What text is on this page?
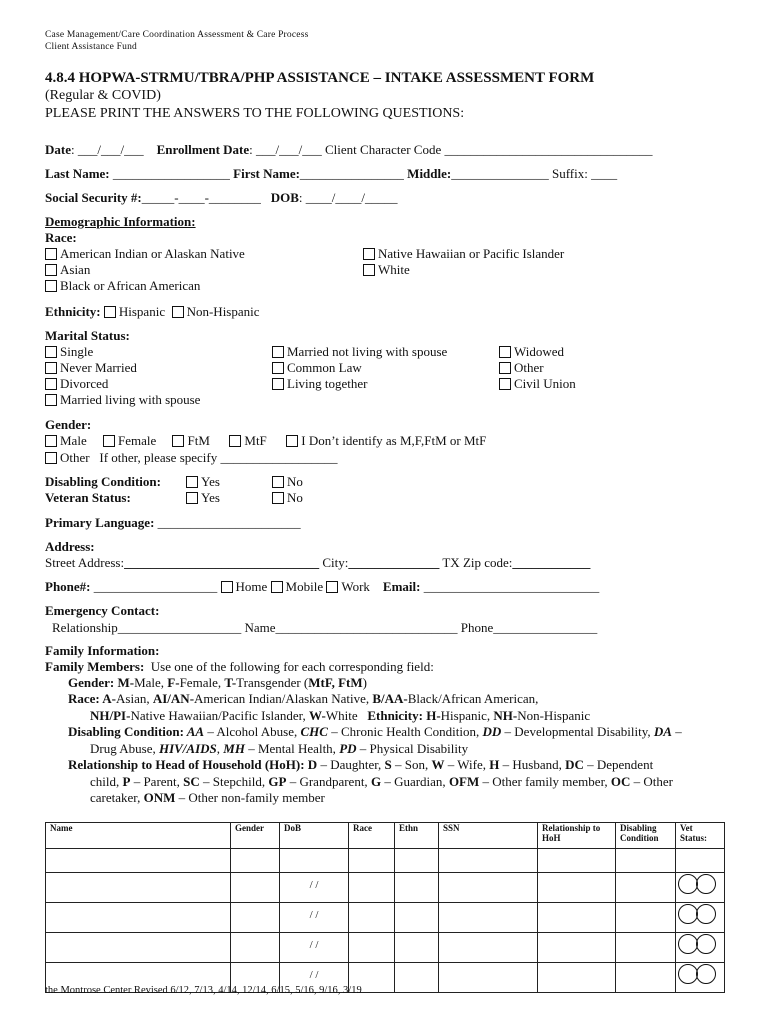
Case Management/Care Coordination Assessment & Care Process
Client Assistance Fund
4.8.4 HOPWA-STRMU/TBRA/PHP ASSISTANCE – INTAKE ASSESSMENT FORM
(Regular & COVID)
PLEASE PRINT THE ANSWERS TO THE FOLLOWING QUESTIONS:
Date: ___/___/___ Enrollment Date: ___/___/___ Client Character Code ________________________________
Last Name: __________________ First Name:________________ Middle:_______________ Suffix: ____
Social Security #:_____-____-________ DOB: ____/____/_____
Demographic Information:
Race:
American Indian or Alaskan Native
Asian
Black or African American
Native Hawaiian or Pacific Islander
White
Ethnicity: Hispanic Non-Hispanic
Marital Status:
Single
Never Married
Divorced
Married living with spouse
Married not living with spouse
Common Law
Living together
Widowed
Other
Civil Union
Gender:
Male Female FtM	MtF	I Don’t identify as M,F,FtM or MtF
Other If other, please specify __________________
Disabling Condition:	Yes	No
Veteran Status:	Yes	No
Primary Language: ______________________
Address:
Street Address:______________________________ City:______________ TX Zip code:____________
Phone#: ___________________ Home Mobile Work Email: ___________________________
Emergency Contact:
Relationship___________________ Name____________________________ Phone________________
Family Information:
Family Members: Use one of the following for each corresponding field:
Gender: M-Male, F-Female, T-Transgender (MtF, FtM)
Race: A-Asian, AI/AN-American Indian/Alaskan Native, B/AA-Black/African American,
NH/PI-Native Hawaiian/Pacific Islander, W-White   Ethnicity: H-Hispanic, NH-Non-Hispanic
Disabling Condition: AA – Alcohol Abuse, CHC – Chronic Health Condition, DD – Developmental Disability, DA –
Drug Abuse, HIV/AIDS, MH – Mental Health, PD – Physical Disability
Relationship to Head of Household (HoH): D – Daughter, S – Son, W – Wife, H – Husband, DC – Dependent
child, P – Parent, SC – Stepchild, GP – Grandparent, G – Guardian, OFM – Other family member, OC – Other
caretaker, ONM – Other non-family member
Name	Gender	DoB	Race	Ethn	SSN	Relationship to HoH	Disabling Condition	Vet Status:

		/ /						
		/ /						
		/ /						
		/ /						
the Montrose Center Revised 6/12, 7/13, 4/14, 12/14, 6/15, 5/16, 9/16, 3/19
